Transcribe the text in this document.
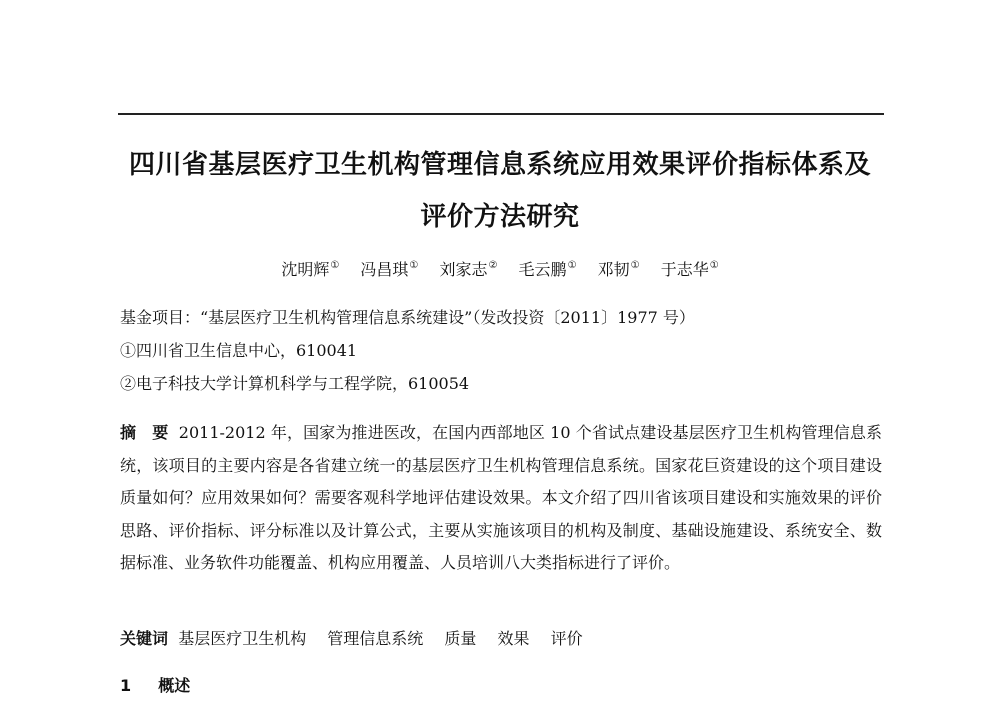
四川省基层医疗卫生机构管理信息系统应用效果评价指标体系及
评价方法研究
沈明辉① 冯昌琪① 刘家志② 毛云鹏① 邓韧① 于志华①
基金项目：“基层医疗卫生机构管理信息系统建设”（发改投资〔2011〕1977 号）
①四川省卫生信息中心，610041
②电子科技大学计算机科学与工程学院，610054
摘　要 2011-2012 年，国家为推进医改，在国内西部地区 10 个省试点建设基层医疗卫生机构管理信息系统，该项目的主要内容是各省建立统一的基层医疗卫生机构管理信息系统。国家花巨资建设的这个项目建设质量如何？应用效果如何？需要客观科学地评估建设效果。本文介绍了四川省该项目建设和实施效果的评价思路、评价指标、评分标准以及计算公式，主要从实施该项目的机构及制度、基础设施建设、系统安全、数据标准、业务软件功能覆盖、机构应用覆盖、人员培训八大类指标进行了评价。
关键词 基层医疗卫生机构 管理信息系统 质量 效果 评价
1 概述
